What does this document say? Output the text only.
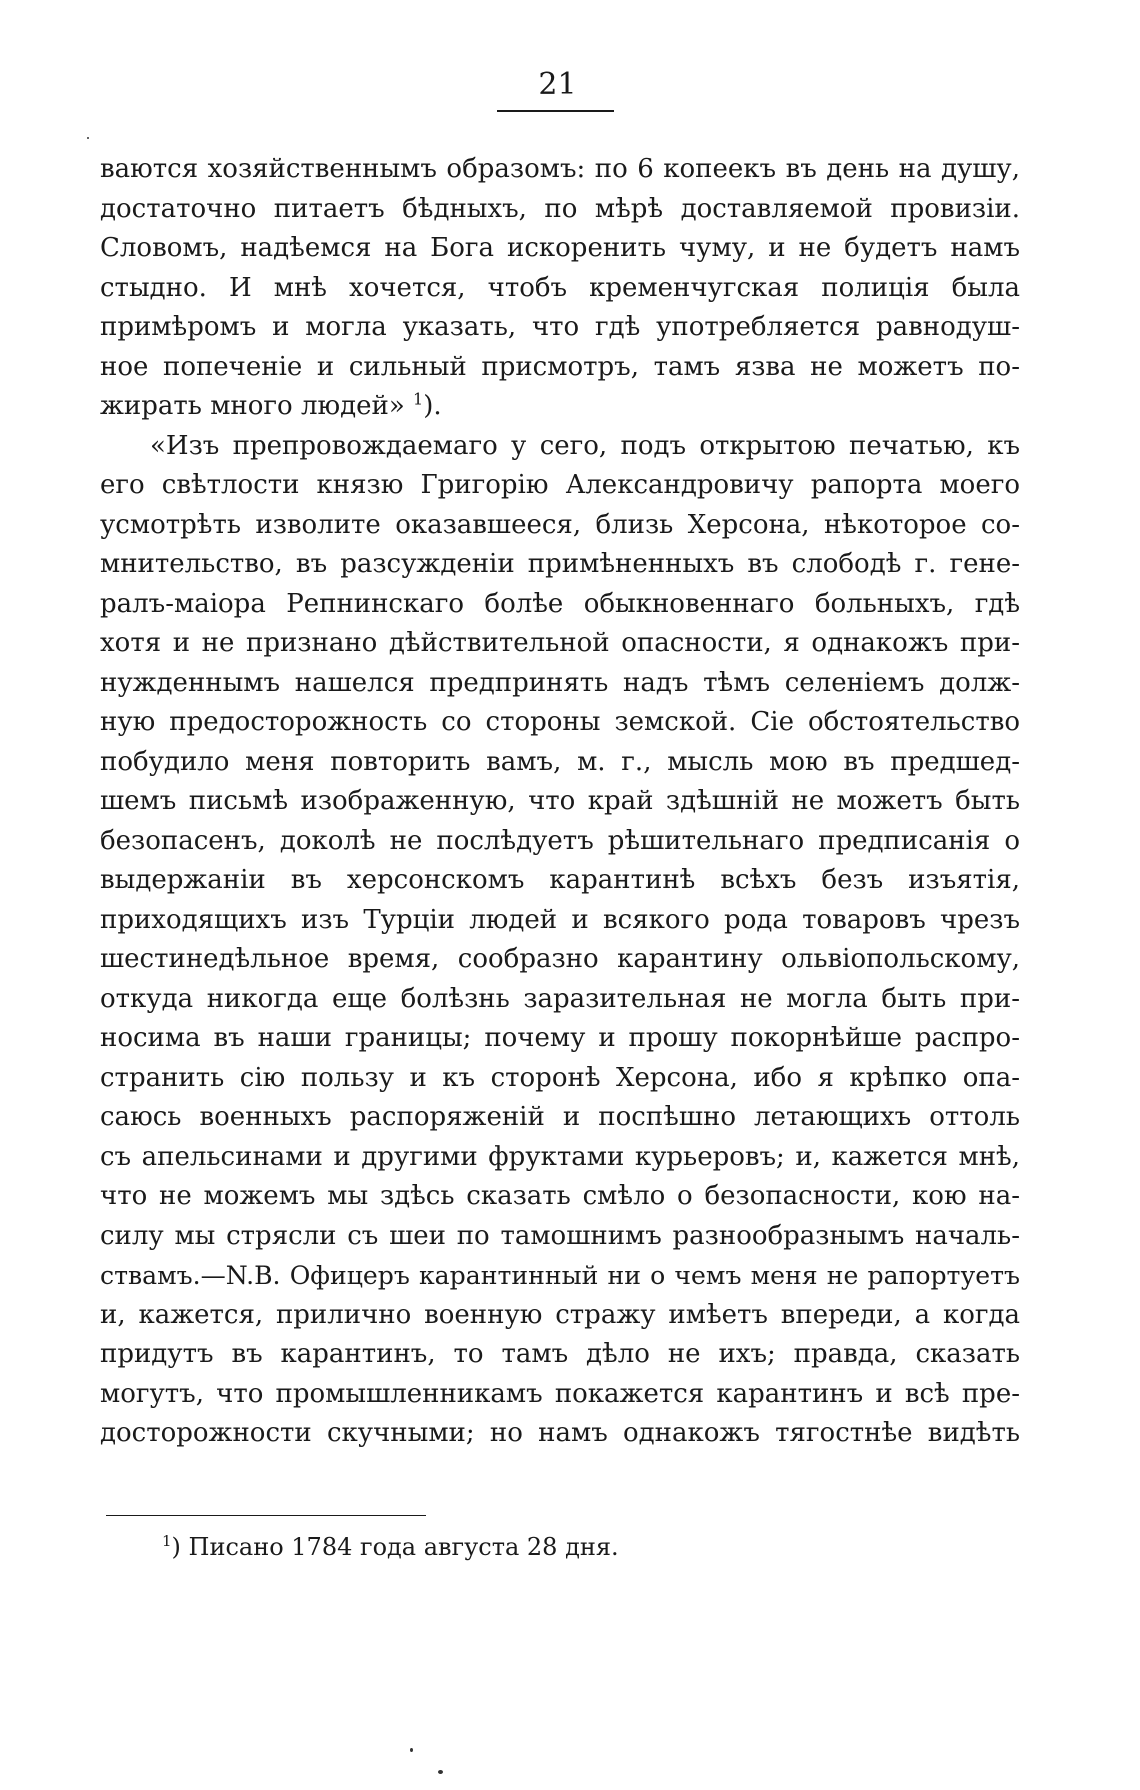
21
ваются хозяйственнымъ образомъ: по 6 копеекъ въ день на душу,
достаточно питаетъ бѣдныхъ, по мѣрѣ доставляемой провизіи.
Словомъ, надѣемся на Бога искоренить чуму, и не будетъ намъ
стыдно. И мнѣ хочется, чтобъ кременчугская полиція была
примѣромъ и могла указать, что гдѣ употребляется равнодуш-
ное попеченіе и сильный присмотръ, тамъ язва не можетъ по-
жирать много людей» $^1$).
«Изъ препровождаемаго у сего, подъ открытою печатью, къ
его свѣтлости князю Григорію Александровичу рапорта моего
усмотрѣть изволите оказавшееся, близь Херсона, нѣкоторое со-
мнительство, въ разсужденіи примѣненныхъ въ слободѣ г. гене-
ралъ-маіора Репнинскаго болѣе обыкновеннаго больныхъ, гдѣ
хотя и не признано дѣйствительной опасности, я однакожъ при-
нужденнымъ нашелся предпринять надъ тѣмъ селеніемъ долж-
ную предосторожность со стороны земской. Сіе обстоятельство
побудило меня повторить вамъ, м. г., мысль мою въ предшед-
шемъ письмѣ изображенную, что край здѣшній не можетъ быть
безопасенъ, доколѣ не послѣдуетъ рѣшительнаго предписанія о
выдержаніи въ херсонскомъ карантинѣ всѣхъ безъ изъятія,
приходящихъ изъ Турціи людей и всякого рода товаровъ чрезъ
шестинедѣльное время, сообразно карантину ольвіопольскому,
откуда никогда еще болѣзнь заразительная не могла быть при-
носима въ наши границы; почему и прошу покорнѣйше распро-
странить сію пользу и къ сторонѣ Херсона, ибо я крѣпко опа-
саюсь военныхъ распоряженій и поспѣшно летающихъ оттоль
съ апельсинами и другими фруктами курьеровъ; и, кажется мнѣ,
что не можемъ мы здѣсь сказать смѣло о безопасности, кою на-
силу мы стрясли съ шеи по тамошнимъ разнообразнымъ началь-
ствамъ.—N.B. Офицеръ карантинный ни о чемъ меня не рапортуетъ
и, кажется, прилично военную стражу имѣетъ впереди, а когда
придутъ въ карантинъ, то тамъ дѣло не ихъ; правда, сказать
могутъ, что промышленникамъ покажется карантинъ и всѣ пре-
досторожности скучными; но намъ однакожъ тягостнѣе видѣть
$^1$) Писано 1784 года августа 28 дня.
